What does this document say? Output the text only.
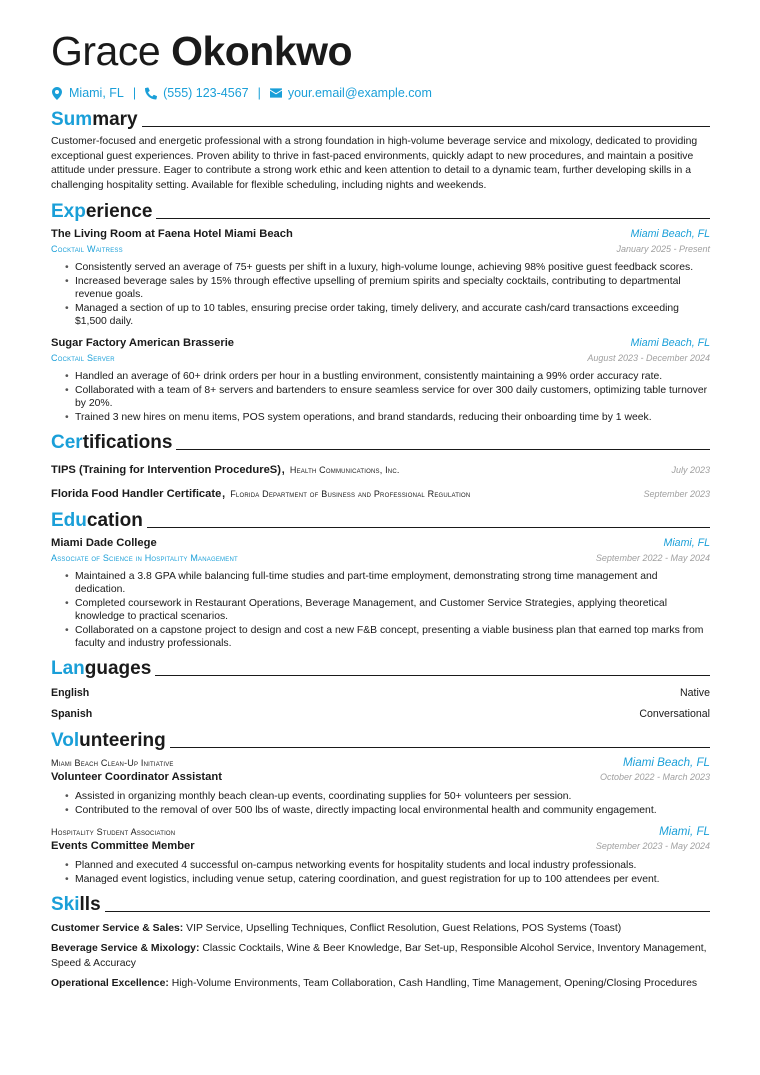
Grace Okonkwo
Miami, FL | (555) 123-4567 | your.email@example.com
Summary

Customer-focused and energetic professional with a strong foundation in high-volume beverage service and mixology, dedicated to providing exceptional guest experiences. Proven ability to thrive in fast-paced environments, quickly adapt to new procedures, and maintain a positive attitude under pressure. Eager to contribute a strong work ethic and keen attention to detail to a dynamic team, further developing skills in a challenging hospitality setting. Available for flexible scheduling, including nights and weekends.

Experience
The Living Room at Faena Hotel Miami Beach	Miami Beach, FL
Cocktail Waitress	January 2025 - Present
• Consistently served an average of 75+ guests per shift in a luxury, high-volume lounge, achieving 98% positive guest feedback scores.
• Increased beverage sales by 15% through effective upselling of premium spirits and specialty cocktails, contributing to departmental revenue goals.
• Managed a section of up to 10 tables, ensuring precise order taking, timely delivery, and accurate cash/card transactions exceeding $1,500 daily.
Sugar Factory American Brasserie	Miami Beach, FL
Cocktail Server	August 2023 - December 2024
• Handled an average of 60+ drink orders per hour in a bustling environment, consistently maintaining a 99% order accuracy rate.
• Collaborated with a team of 8+ servers and bartenders to ensure seamless service for over 300 daily customers, optimizing table turnover by 20%.
• Trained 3 new hires on menu items, POS system operations, and brand standards, reducing their onboarding time by 1 week.
Certifications
TIPS (Training for Intervention ProcedureS), Health Communications, Inc.	July 2023
Florida Food Handler Certificate, Florida Department of Business and Professional Regulation	September 2023
Education
Miami Dade College	Miami, FL
Associate of Science in Hospitality Management	September 2022 - May 2024
• Maintained a 3.8 GPA while balancing full-time studies and part-time employment, demonstrating strong time management and dedication.
• Completed coursework in Restaurant Operations, Beverage Management, and Customer Service Strategies, applying theoretical knowledge to practical scenarios.
• Collaborated on a capstone project to design and cost a new F&B concept, presenting a viable business plan that earned top marks from faculty and industry professionals.
Languages
English	Native
Spanish	Conversational
Volunteering
Miami Beach Clean-Up Initiative	Miami Beach, FL
Volunteer Coordinator Assistant	October 2022 - March 2023
• Assisted in organizing monthly beach clean-up events, coordinating supplies for 50+ volunteers per session.
• Contributed to the removal of over 500 lbs of waste, directly impacting local environmental health and community engagement.
Hospitality Student Association	Miami, FL
Events Committee Member	September 2023 - May 2024
• Planned and executed 4 successful on-campus networking events for hospitality students and local industry professionals.
• Managed event logistics, including venue setup, catering coordination, and guest registration for up to 100 attendees per event.
Skills

Customer Service & Sales: VIP Service, Upselling Techniques, Conflict Resolution, Guest Relations, POS Systems (Toast)

Beverage Service & Mixology: Classic Cocktails, Wine & Beer Knowledge, Bar Set-up, Responsible Alcohol Service, Inventory Management, Speed & Accuracy

Operational Excellence: High-Volume Environments, Team Collaboration, Cash Handling, Time Management, Opening/Closing Procedures
